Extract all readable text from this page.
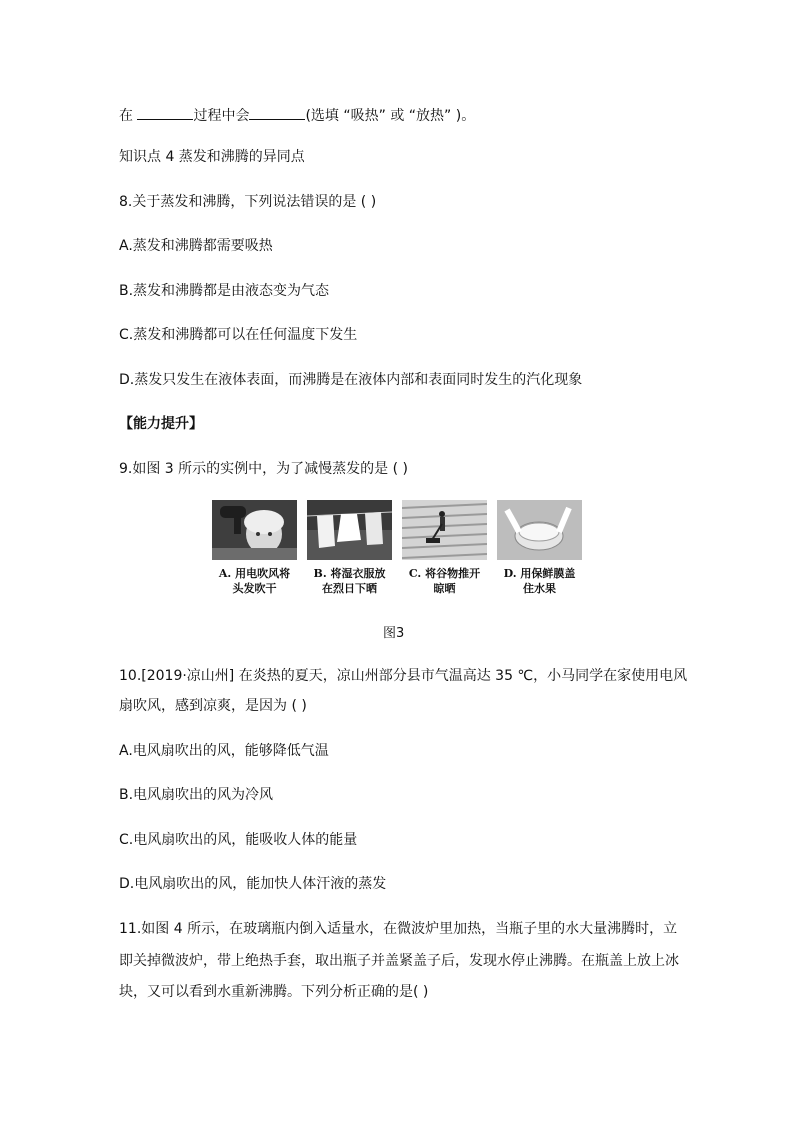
在	过程中会	(选填 “吸热” 或 “放热” )。
知识点 4 蒸发和沸腾的异同点
8.关于蒸发和沸腾，下列说法错误的是 ( )
A.蒸发和沸腾都需要吸热
B.蒸发和沸腾都是由液态变为气态
C.蒸发和沸腾都可以在任何温度下发生
D.蒸发只发生在液体表面，而沸腾是在液体内部和表面同时发生的汽化现象
【能力提升】
9.如图 3 所示的实例中，为了减慢蒸发的是 ( )
A. 用电吹风将
头发吹干
B. 将湿衣服放
在烈日下晒
C. 将谷物推开
晾晒
D. 用保鲜膜盖
住水果
图3
10.[2019·凉山州] 在炎热的夏天，凉山州部分县市气温高达 35 ℃，小马同学在家使用电风
扇吹风，感到凉爽，是因为 ( )
A.电风扇吹出的风，能够降低气温
B.电风扇吹出的风为冷风
C.电风扇吹出的风，能吸收人体的能量
D.电风扇吹出的风，能加快人体汗液的蒸发
11.如图 4 所示，在玻璃瓶内倒入适量水，在微波炉里加热，当瓶子里的水大量沸腾时，立
即关掉微波炉，带上绝热手套，取出瓶子并盖紧盖子后，发现水停止沸腾。在瓶盖上放上冰
块，又可以看到水重新沸腾。下列分析正确的是( )
